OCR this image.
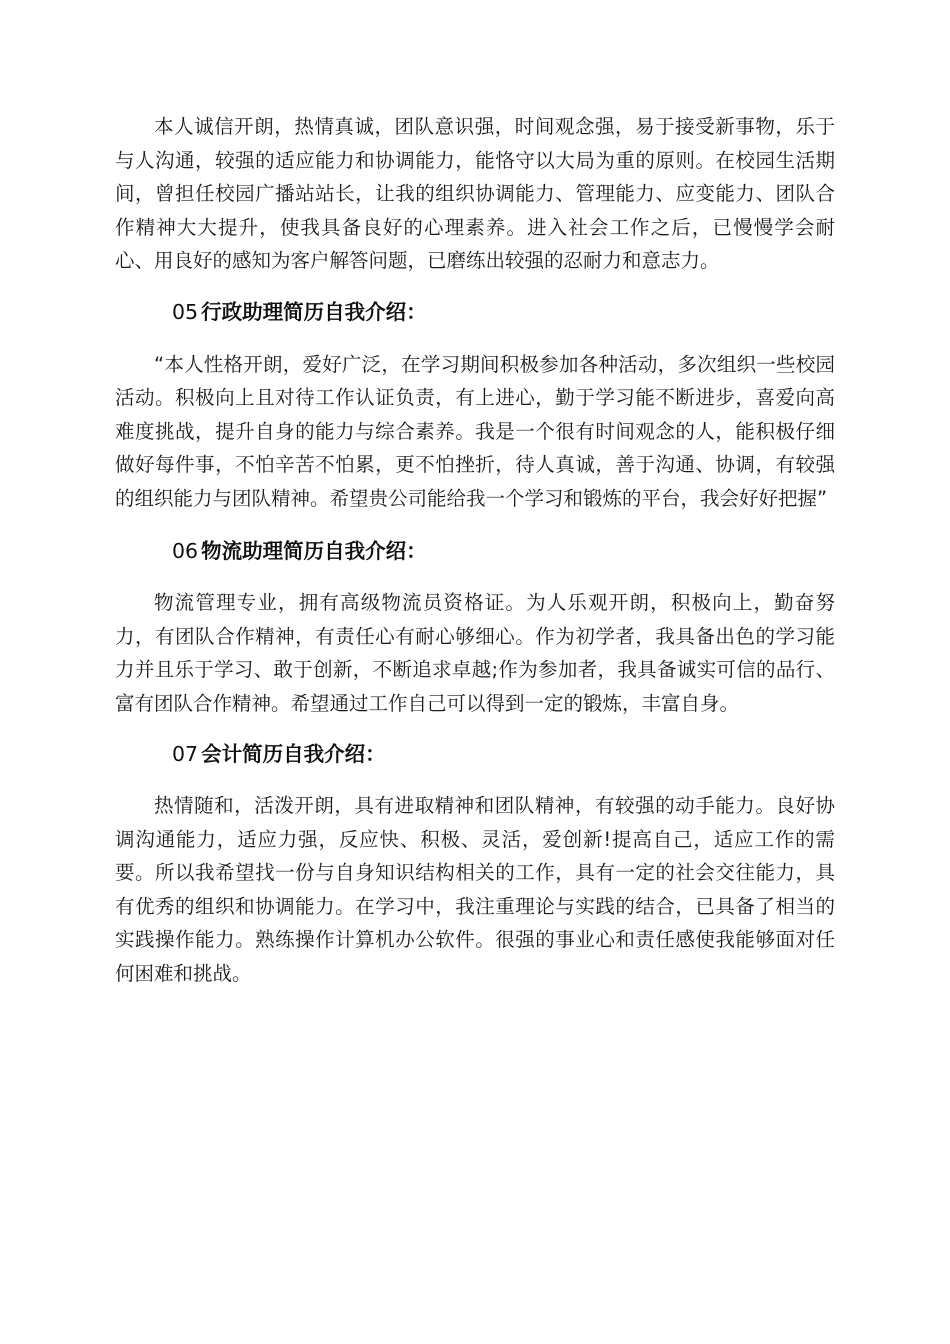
本人诚信开朗，热情真诚，团队意识强，时间观念强，易于接受新事物，乐于与人沟通，较强的适应能力和协调能力，能恪守以大局为重的原则。在校园生活期间，曾担任校园广播站站长，让我的组织协调能力、管理能力、应变能力、团队合作精神大大提升，使我具备良好的心理素养。进入社会工作之后，已慢慢学会耐心、用良好的感知为客户解答问题，已磨练出较强的忍耐力和意志力。

05 行政助理简历自我介绍：

“本人性格开朗，爱好广泛，在学习期间积极参加各种活动，多次组织一些校园活动。积极向上且对待工作认证负责，有上进心，勤于学习能不断进步，喜爱向高难度挑战，提升自身的能力与综合素养。我是一个很有时间观念的人，能积极仔细做好每件事，不怕辛苦不怕累，更不怕挫折，待人真诚，善于沟通、协调，有较强的组织能力与团队精神。希望贵公司能给我一个学习和锻炼的平台，我会好好把握”

06 物流助理简历自我介绍：

物流管理专业，拥有高级物流员资格证。为人乐观开朗，积极向上，勤奋努力，有团队合作精神，有责任心有耐心够细心。作为初学者，我具备出色的学习能力并且乐于学习、敢于创新，不断追求卓越;作为参加者，我具备诚实可信的品行、富有团队合作精神。希望通过工作自己可以得到一定的锻炼，丰富自身。

07 会计简历自我介绍：

热情随和，活泼开朗，具有进取精神和团队精神，有较强的动手能力。良好协调沟通能力，适应力强，反应快、积极、灵活，爱创新!提高自己，适应工作的需要。所以我希望找一份与自身知识结构相关的工作，具有一定的社会交往能力，具有优秀的组织和协调能力。在学习中，我注重理论与实践的结合，已具备了相当的实践操作能力。熟练操作计算机办公软件。很强的事业心和责任感使我能够面对任何困难和挑战。
